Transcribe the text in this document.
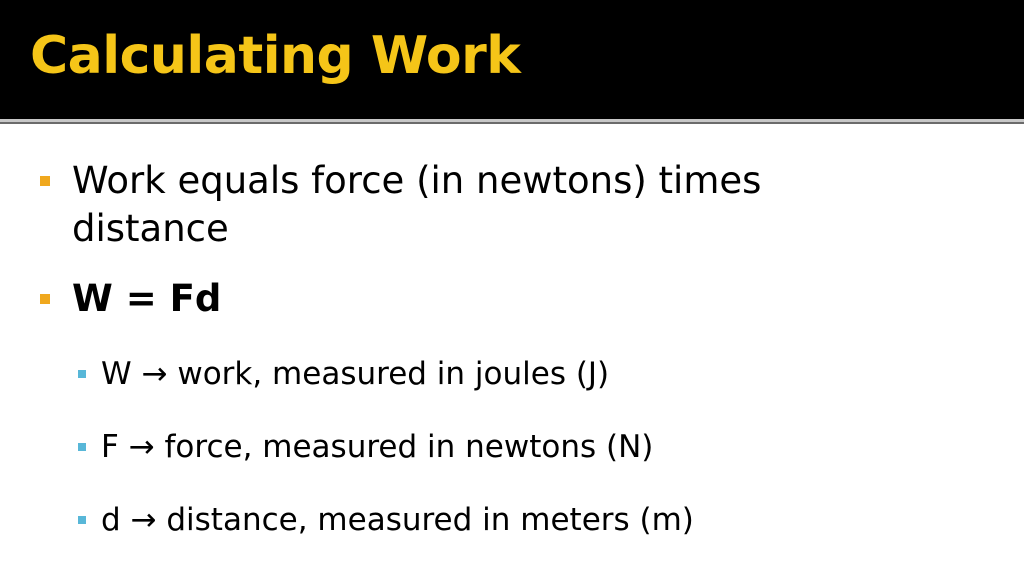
Calculating Work
Work equals force (in newtons) times distance
W = Fd
W → work, measured in joules (J)
F → force, measured in newtons (N)
d → distance, measured in meters (m)
